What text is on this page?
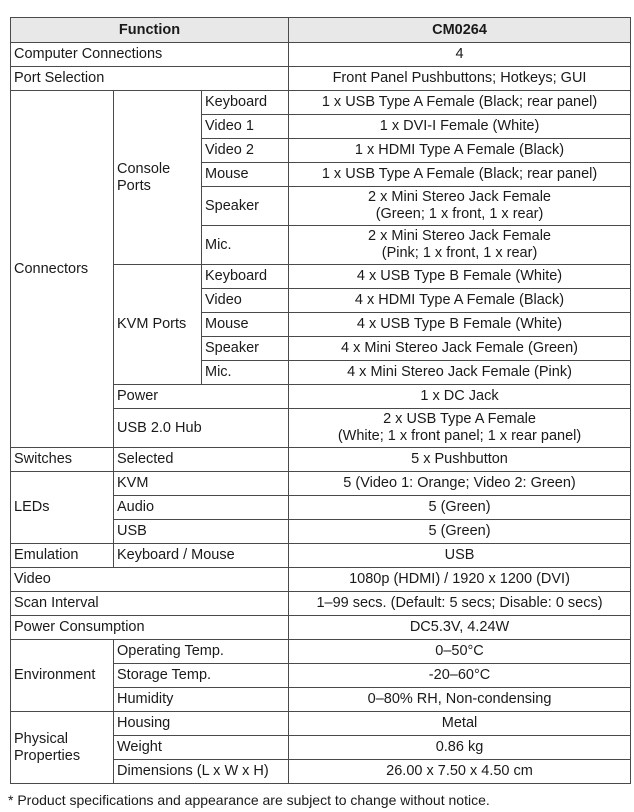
Function			CM0264
Computer Connections			4
Port Selection			Front Panel Pushbuttons; Hotkeys; GUI
Connectors	Console Ports	Keyboard	1 x USB Type A Female (Black; rear panel)
		Video 1	1 x DVI-I Female (White)
		Video 2	1 x HDMI Type A Female (Black)
		Mouse	1 x USB Type A Female (Black; rear panel)
		Speaker	2 x Mini Stereo Jack Female
(Green; 1 x front, 1 x rear)

		Mic.	2 x Mini Stereo Jack Female
(Pink; 1 x front, 1 x rear)

	KVM Ports	Keyboard	4 x USB Type B Female (White)
		Video	4 x HDMI Type A Female (Black)
		Mouse	4 x USB Type B Female (White)
		Speaker	4 x Mini Stereo Jack Female (Green)
		Mic.	4 x Mini Stereo Jack Female (Pink)
	Power		1 x DC Jack
	USB 2.0 Hub		2 x USB Type A Female
(White; 1 x front panel; 1 x rear panel)

Switches	Selected		5 x Pushbutton
LEDs	KVM		5 (Video 1: Orange; Video 2: Green)
	Audio		5 (Green)
	USB		5 (Green)
Emulation	Keyboard / Mouse		USB
Video			1080p (HDMI) / 1920 x 1200 (DVI)
Scan Interval			1–99 secs. (Default: 5 secs; Disable: 0 secs)
Power Consumption			DC5.3V, 4.24W
Environment	Operating Temp.		0–50°C
	Storage Temp.		-20–60°C
	Humidity		0–80% RH, Non-condensing

Physical
Properties	Housing		Metal
	Weight		0.86 kg
	Dimensions (L x W x H)		26.00 x 7.50 x 4.50 cm
* Product specifications and appearance are subject to change without notice.
